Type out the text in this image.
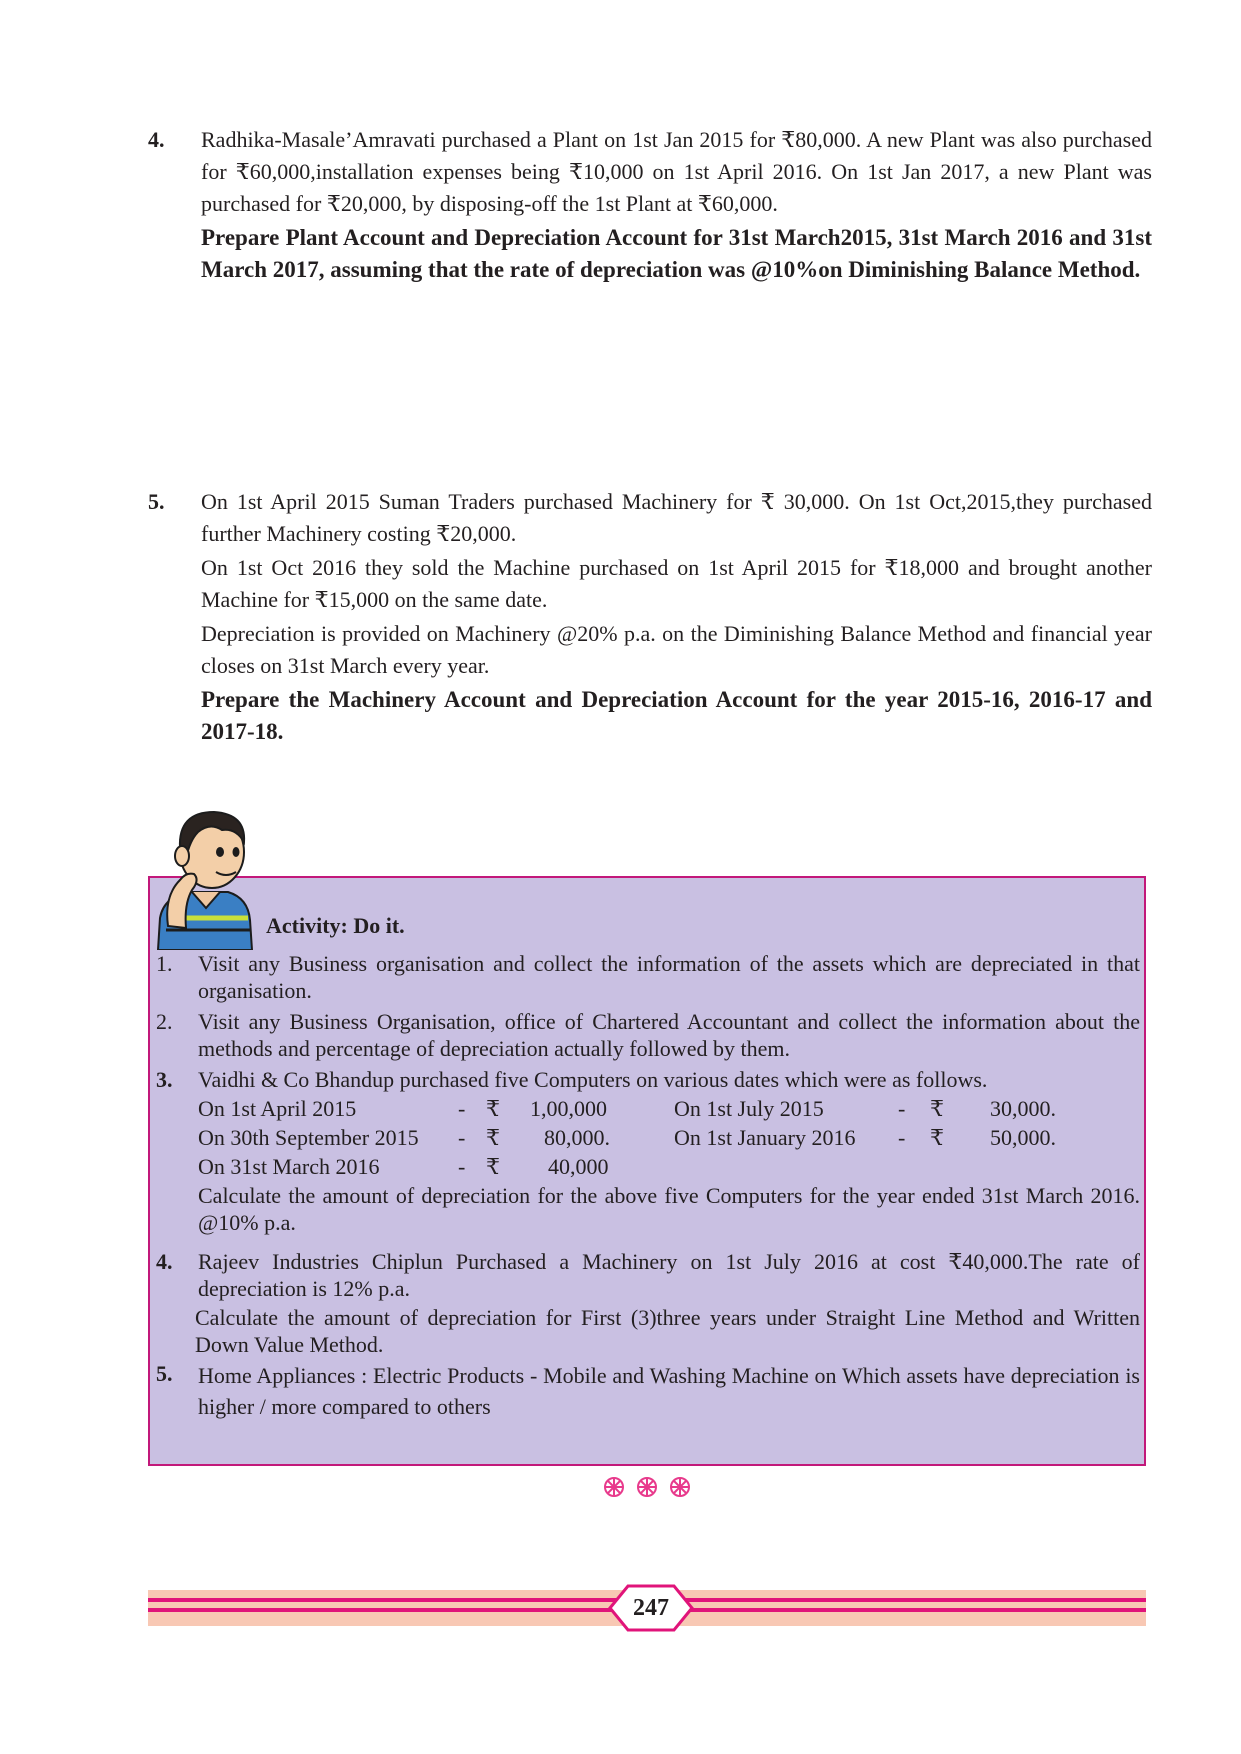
4. Radhika-Masale’Amravati purchased a Plant on 1st Jan 2015 for ₹80,000. A new Plant was also purchased for ₹60,000,installation expenses being ₹10,000 on 1st April 2016. On 1st Jan 2017, a new Plant was purchased for ₹20,000, by disposing-off the 1st Plant at ₹60,000.

Prepare Plant Account and Depreciation Account for 31st March2015, 31st March 2016 and 31st March 2017, assuming that the rate of depreciation was @10%on Diminishing Balance Method.

5. On 1st April 2015 Suman Traders purchased Machinery for ₹ 30,000. On 1st Oct,2015,they purchased further Machinery costing ₹20,000.

On 1st Oct 2016 they sold the Machine purchased on 1st April 2015 for ₹18,000 and brought another Machine for ₹15,000 on the same date.

Depreciation is provided on Machinery @20% p.a. on the Diminishing Balance Method and financial year closes on 31st March every year.

Prepare the Machinery Account and Depreciation Account for the year 2015-16, 2016-17 and 2017-18.

Activity: Do it.
1.	Visit any Business organisation and collect the information of the assets which are depreciated in that organisation.

2.	Visit any Business Organisation, office of Chartered Accountant and collect the information about the methods and percentage of depreciation actually followed by them.

3.	Vaidhi & Co Bhandup purchased five Computers on various dates which were as follows.

On 1st April 2015	- ₹ 1,00,000	On 1st July 2015	- ₹ 30,000.
On 30th September 2015 - ₹ 80,000.	On 1st January 2016 - ₹ 50,000.
On 31st March 2016	- ₹ 40,000

Calculate the amount of depreciation for the above five Computers for the year ended 31st March 2016. @10% p.a.

4.	Rajeev Industries Chiplun Purchased a Machinery on 1st July 2016 at cost ₹40,000.The rate of depreciation is 12% p.a.

Calculate the amount of depreciation for First (3)three years under Straight Line Method and Written Down Value Method.

5.	Home Appliances : Electric Products - Mobile and Washing Machine on Which assets have depreciation is higher / more compared to others

247
